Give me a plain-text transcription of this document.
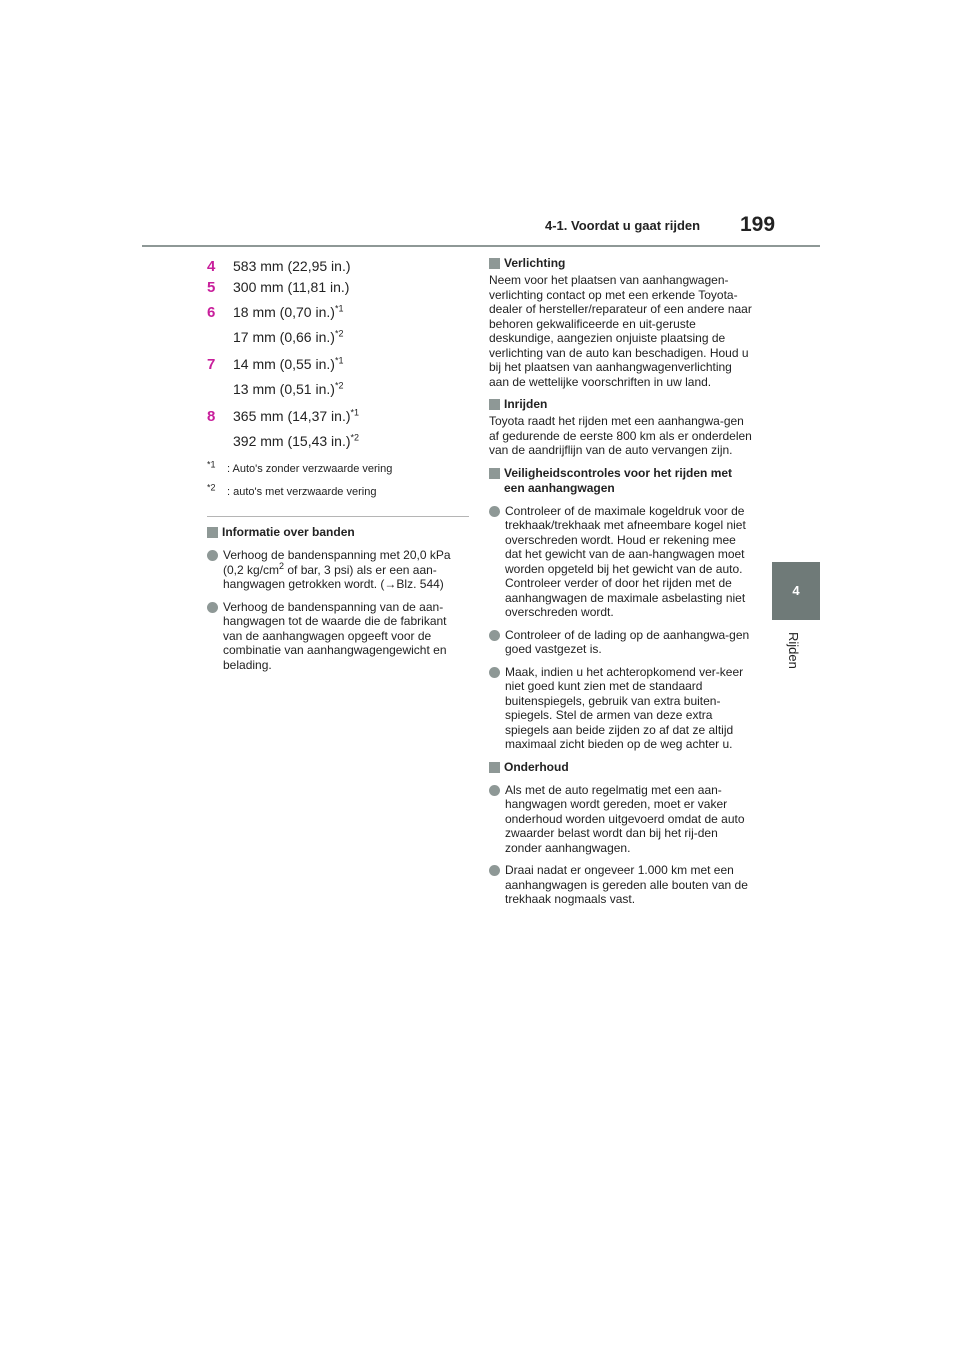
4-1. Voordat u gaat rijden 199
4
Rijden
4	583 mm (22,95 in.)
5	300 mm (11,81 in.)
6	18 mm (0,70 in.)$^{*1}$
17 mm (0,66 in.)$^{*2}$
7	14 mm (0,55 in.)$^{*1}$
13 mm (0,51 in.)$^{*2}$
8	365 mm (14,37 in.)$^{*1}$
392 mm (15,43 in.)$^{*2}$
$^{*1}$	: Auto's zonder verzwaarde vering
$^{*2}$	: auto's met verzwaarde vering
Informatie over banden
Verhoog de bandenspanning met 20,0 kPa (0,2 $kg/cm^2$ of bar, 3 psi) als er een aan-hangwagen getrokken wordt. (→Blz. 544)
Verhoog de bandenspanning van de aan-hangwagen tot de waarde die de fabrikant van de aanhangwagen opgeeft voor de combinatie van aanhangwagengewicht en belading.
Verlichting
Neem voor het plaatsen van aanhangwagen-verlichting contact op met een erkende Toyota-dealer of hersteller/reparateur of een andere naar behoren gekwalificeerde en uit-geruste deskundige, aangezien onjuiste plaatsing de verlichting van de auto kan beschadigen. Houd u bij het plaatsen van aanhangwagenverlichting aan de wettelijke voorschriften in uw land.
Inrijden
Toyota raadt het rijden met een aanhangwa-gen af gedurende de eerste 800 km als er onderdelen van de aandrijflijn van de auto vervangen zijn.
Veiligheidscontroles voor het rijden met een aanhangwagen
Controleer of de maximale kogeldruk voor de trekhaak/trekhaak met afneembare kogel niet overschreden wordt. Houd er rekening mee dat het gewicht van de aan-hangwagen moet worden opgeteld bij het gewicht van de auto. Controleer verder of door het rijden met de aanhangwagen de maximale asbelasting niet overschreden wordt.
Controleer of de lading op de aanhangwa-gen goed vastgezet is.
Maak, indien u het achteropkomend ver-keer niet goed kunt zien met de standaard buitenspiegels, gebruik van extra buiten-spiegels. Stel de armen van deze extra spiegels aan beide zijden zo af dat ze altijd maximaal zicht bieden op de weg achter u.
Onderhoud
Als met de auto regelmatig met een aan-hangwagen wordt gereden, moet er vaker onderhoud worden uitgevoerd omdat de auto zwaarder belast wordt dan bij het rij-den zonder aanhangwagen.
Draai nadat er ongeveer 1.000 km met een aanhangwagen is gereden alle bouten van de trekhaak nogmaals vast.
